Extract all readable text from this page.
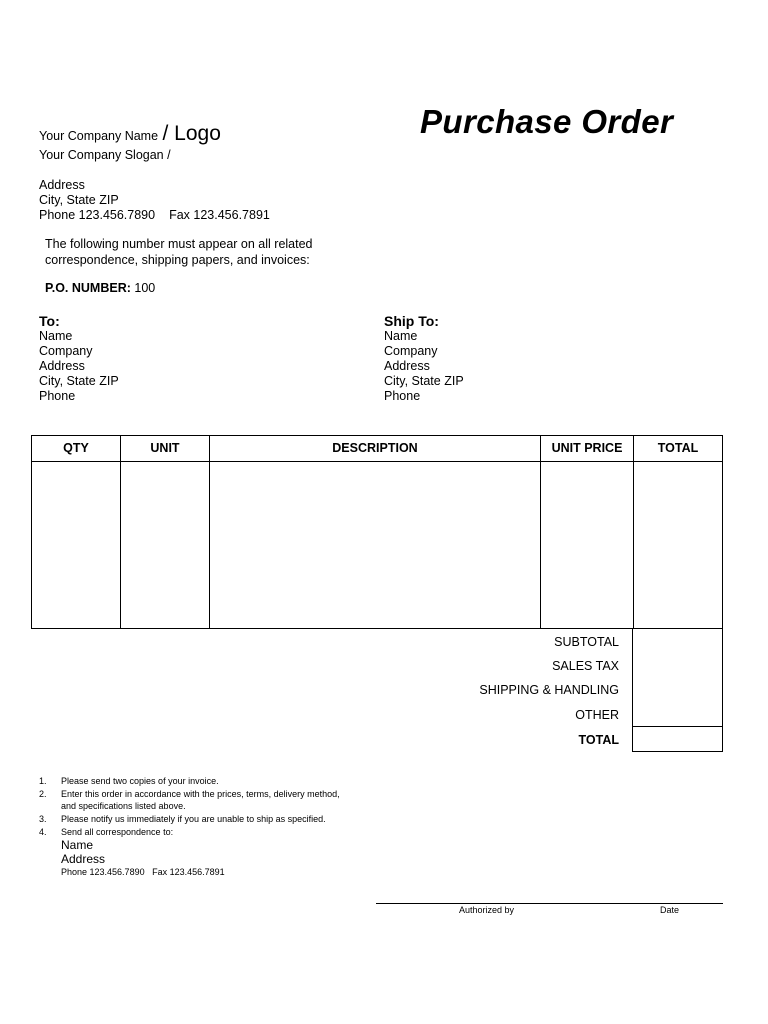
Purchase Order
Your Company Name / Logo
Your Company Slogan /
Address
City, State ZIP
Phone 123.456.7890 Fax 123.456.7891
The following number must appear on all related
correspondence, shipping papers, and invoices:
P.O. NUMBER: 100
To:
Name
Company
Address
City, State ZIP
Phone
Ship To:
Name
Company
Address
City, State ZIP
Phone
QTY	UNIT	DESCRIPTION	UNIT PRICE	TOTAL
SUBTOTAL
SALES TAX
SHIPPING & HANDLING
OTHER
TOTAL
1. Please send two copies of your invoice.
2. Enter this order in accordance with the prices, terms, delivery method, and specifications listed above.
3. Please notify us immediately if you are unable to ship as specified.
4. Send all correspondence to:
Name
Address
Phone 123.456.7890 Fax 123.456.7891
Authorized by	Date
